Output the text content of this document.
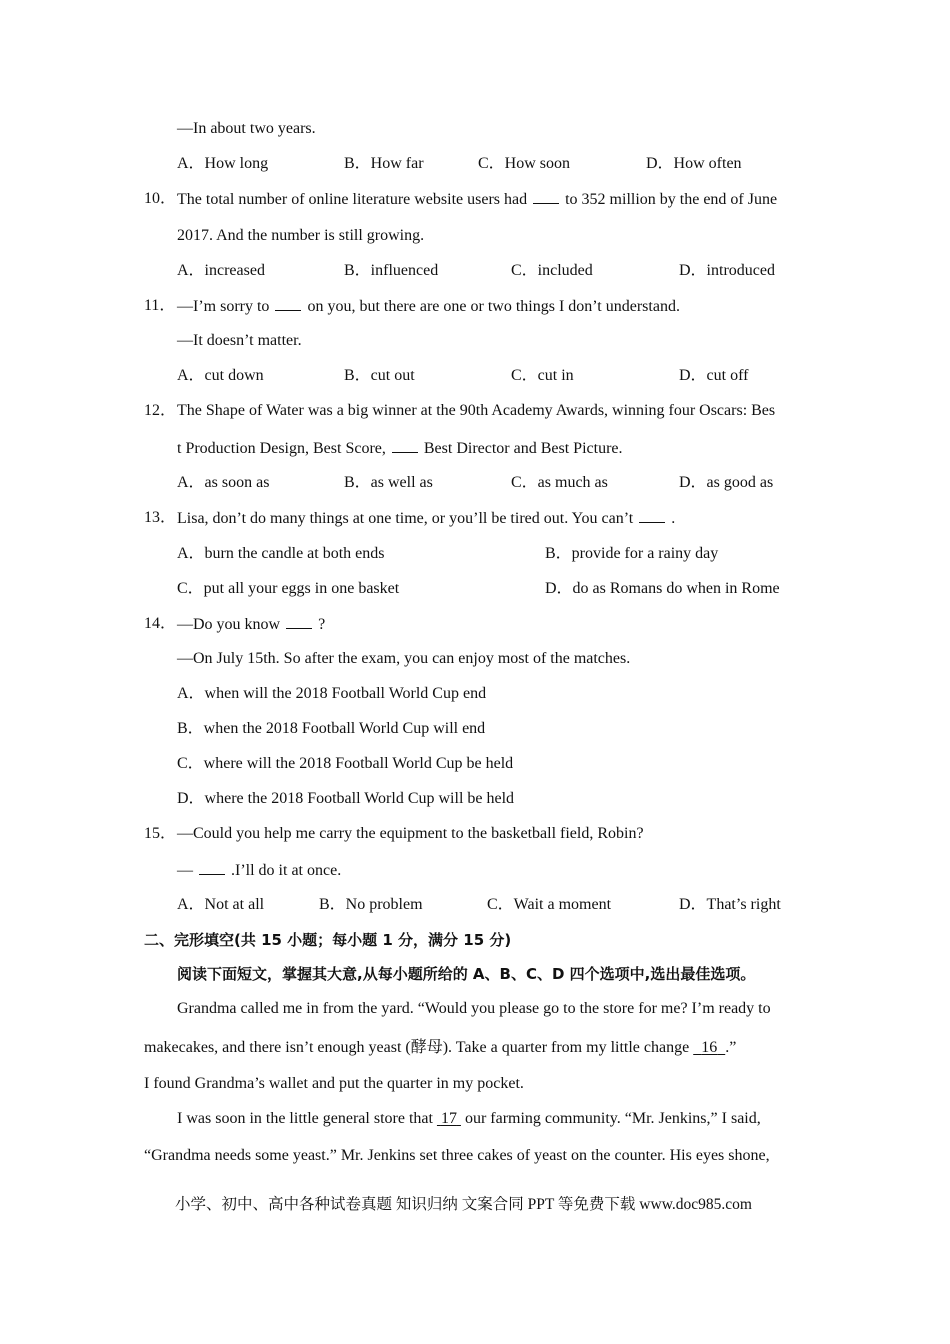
—In about two years.
A．How long	B．How far	C．How soon	D．How often
10． The total number of online literature website users had to 352 million by the end of June
2017. And the number is still growing.
A．increased	B．influenced	C．included	D．introduced
11． —I’m sorry to on you, but there are one or two things I don’t understand.
—It doesn’t matter.
A．cut down	B．cut out	C．cut in	D．cut off
12． The Shape of Water was a big winner at the 90th Academy Awards, winning four Oscars: Bes
t Production Design, Best Score, Best Director and Best Picture.
A．as soon as	B．as well as	C．as much as	D．as good as
13． Lisa, don’t do many things at one time, or you’ll be tired out. You can’t .
A．burn the candle at both ends	B．provide for a rainy day
C．put all your eggs in one basket	D．do as Romans do when in Rome
14． —Do you know ?
—On July 15th. So after the exam, you can enjoy most of the matches.
A．when will the 2018 Football World Cup end
B．when the 2018 Football World Cup will end
C．where will the 2018 Football World Cup be held
D．where the 2018 Football World Cup will be held
15． —Could you help me carry the equipment to the basketball field, Robin?
— .I’ll do it at once.
A．Not at all	B．No problem	C．Wait a moment	D．That’s right
二、完形填空(共 15 小题；每小题 1 分，满分 15 分)
阅读下面短文，掌握其大意,从每小题所给的 A、B、C、D 四个选项中,选出最佳选项。
Grandma called me in from the yard. “Would you please go to the store for me? I’m ready to
makecakes, and there isn’t enough yeast (酵母). Take a quarter from my little change 16 .”
I found Grandma’s wallet and put the quarter in my pocket.
I was soon in the little general store that 17 our farming community. “Mr. Jenkins,” I said,
“Grandma needs some yeast.” Mr. Jenkins set three cakes of yeast on the counter. His eyes shone,
小学、初中、高中各种试卷真题 知识归纳 文案合同 PPT 等免费下载 www.doc985.com
